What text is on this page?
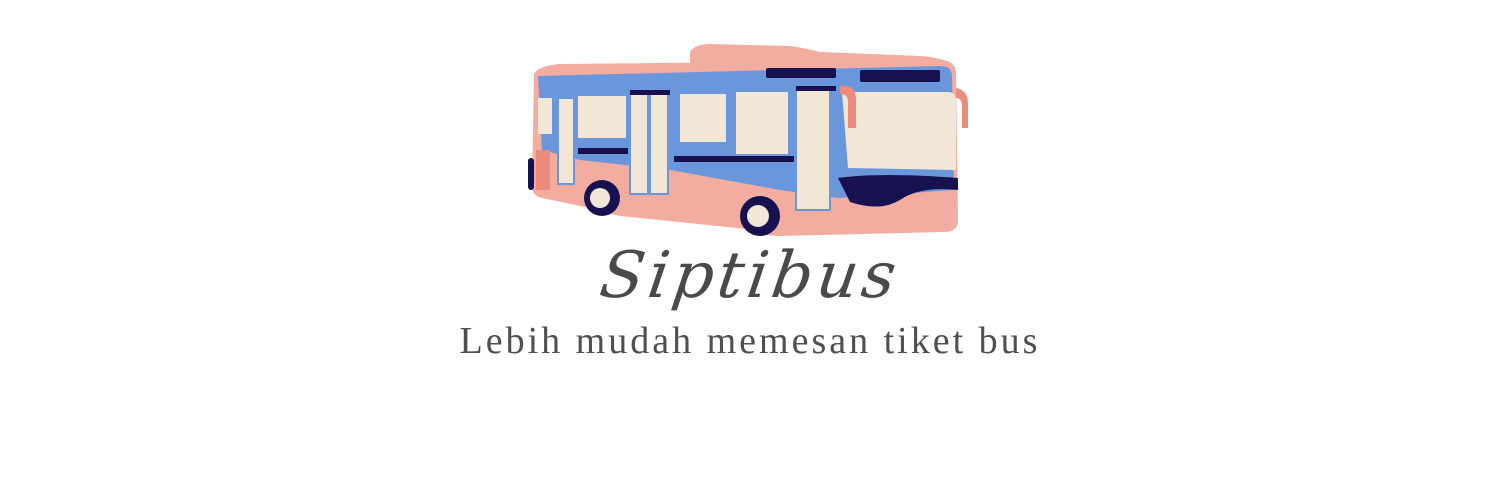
Siptibus
Lebih mudah memesan tiket bus
